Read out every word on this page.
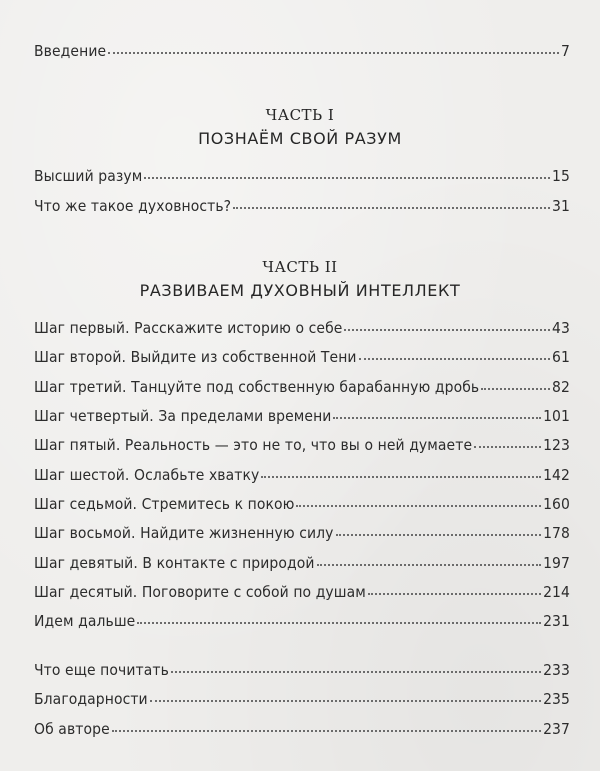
Введение	7
ЧАСТЬ I
ПОЗНАЁМ СВОЙ РАЗУМ
Высший разум	15
Что же такое духовность?	31
ЧАСТЬ II
РАЗВИВАЕМ ДУХОВНЫЙ ИНТЕЛЛЕКТ
Шаг первый. Расскажите историю о себе	43
Шаг второй. Выйдите из собственной Тени	61
Шаг третий. Танцуйте под собственную барабанную дробь	82
Шаг четвертый. За пределами времени	101
Шаг пятый. Реальность — это не то, что вы о ней думаете	123
Шаг шестой. Ослабьте хватку	142
Шаг седьмой. Стремитесь к покою	160
Шаг восьмой. Найдите жизненную силу	178
Шаг девятый. В контакте с природой	197
Шаг десятый. Поговорите с собой по душам	214
Идем дальше	231
Что еще почитать	233
Благодарности	235
Об авторе	237
